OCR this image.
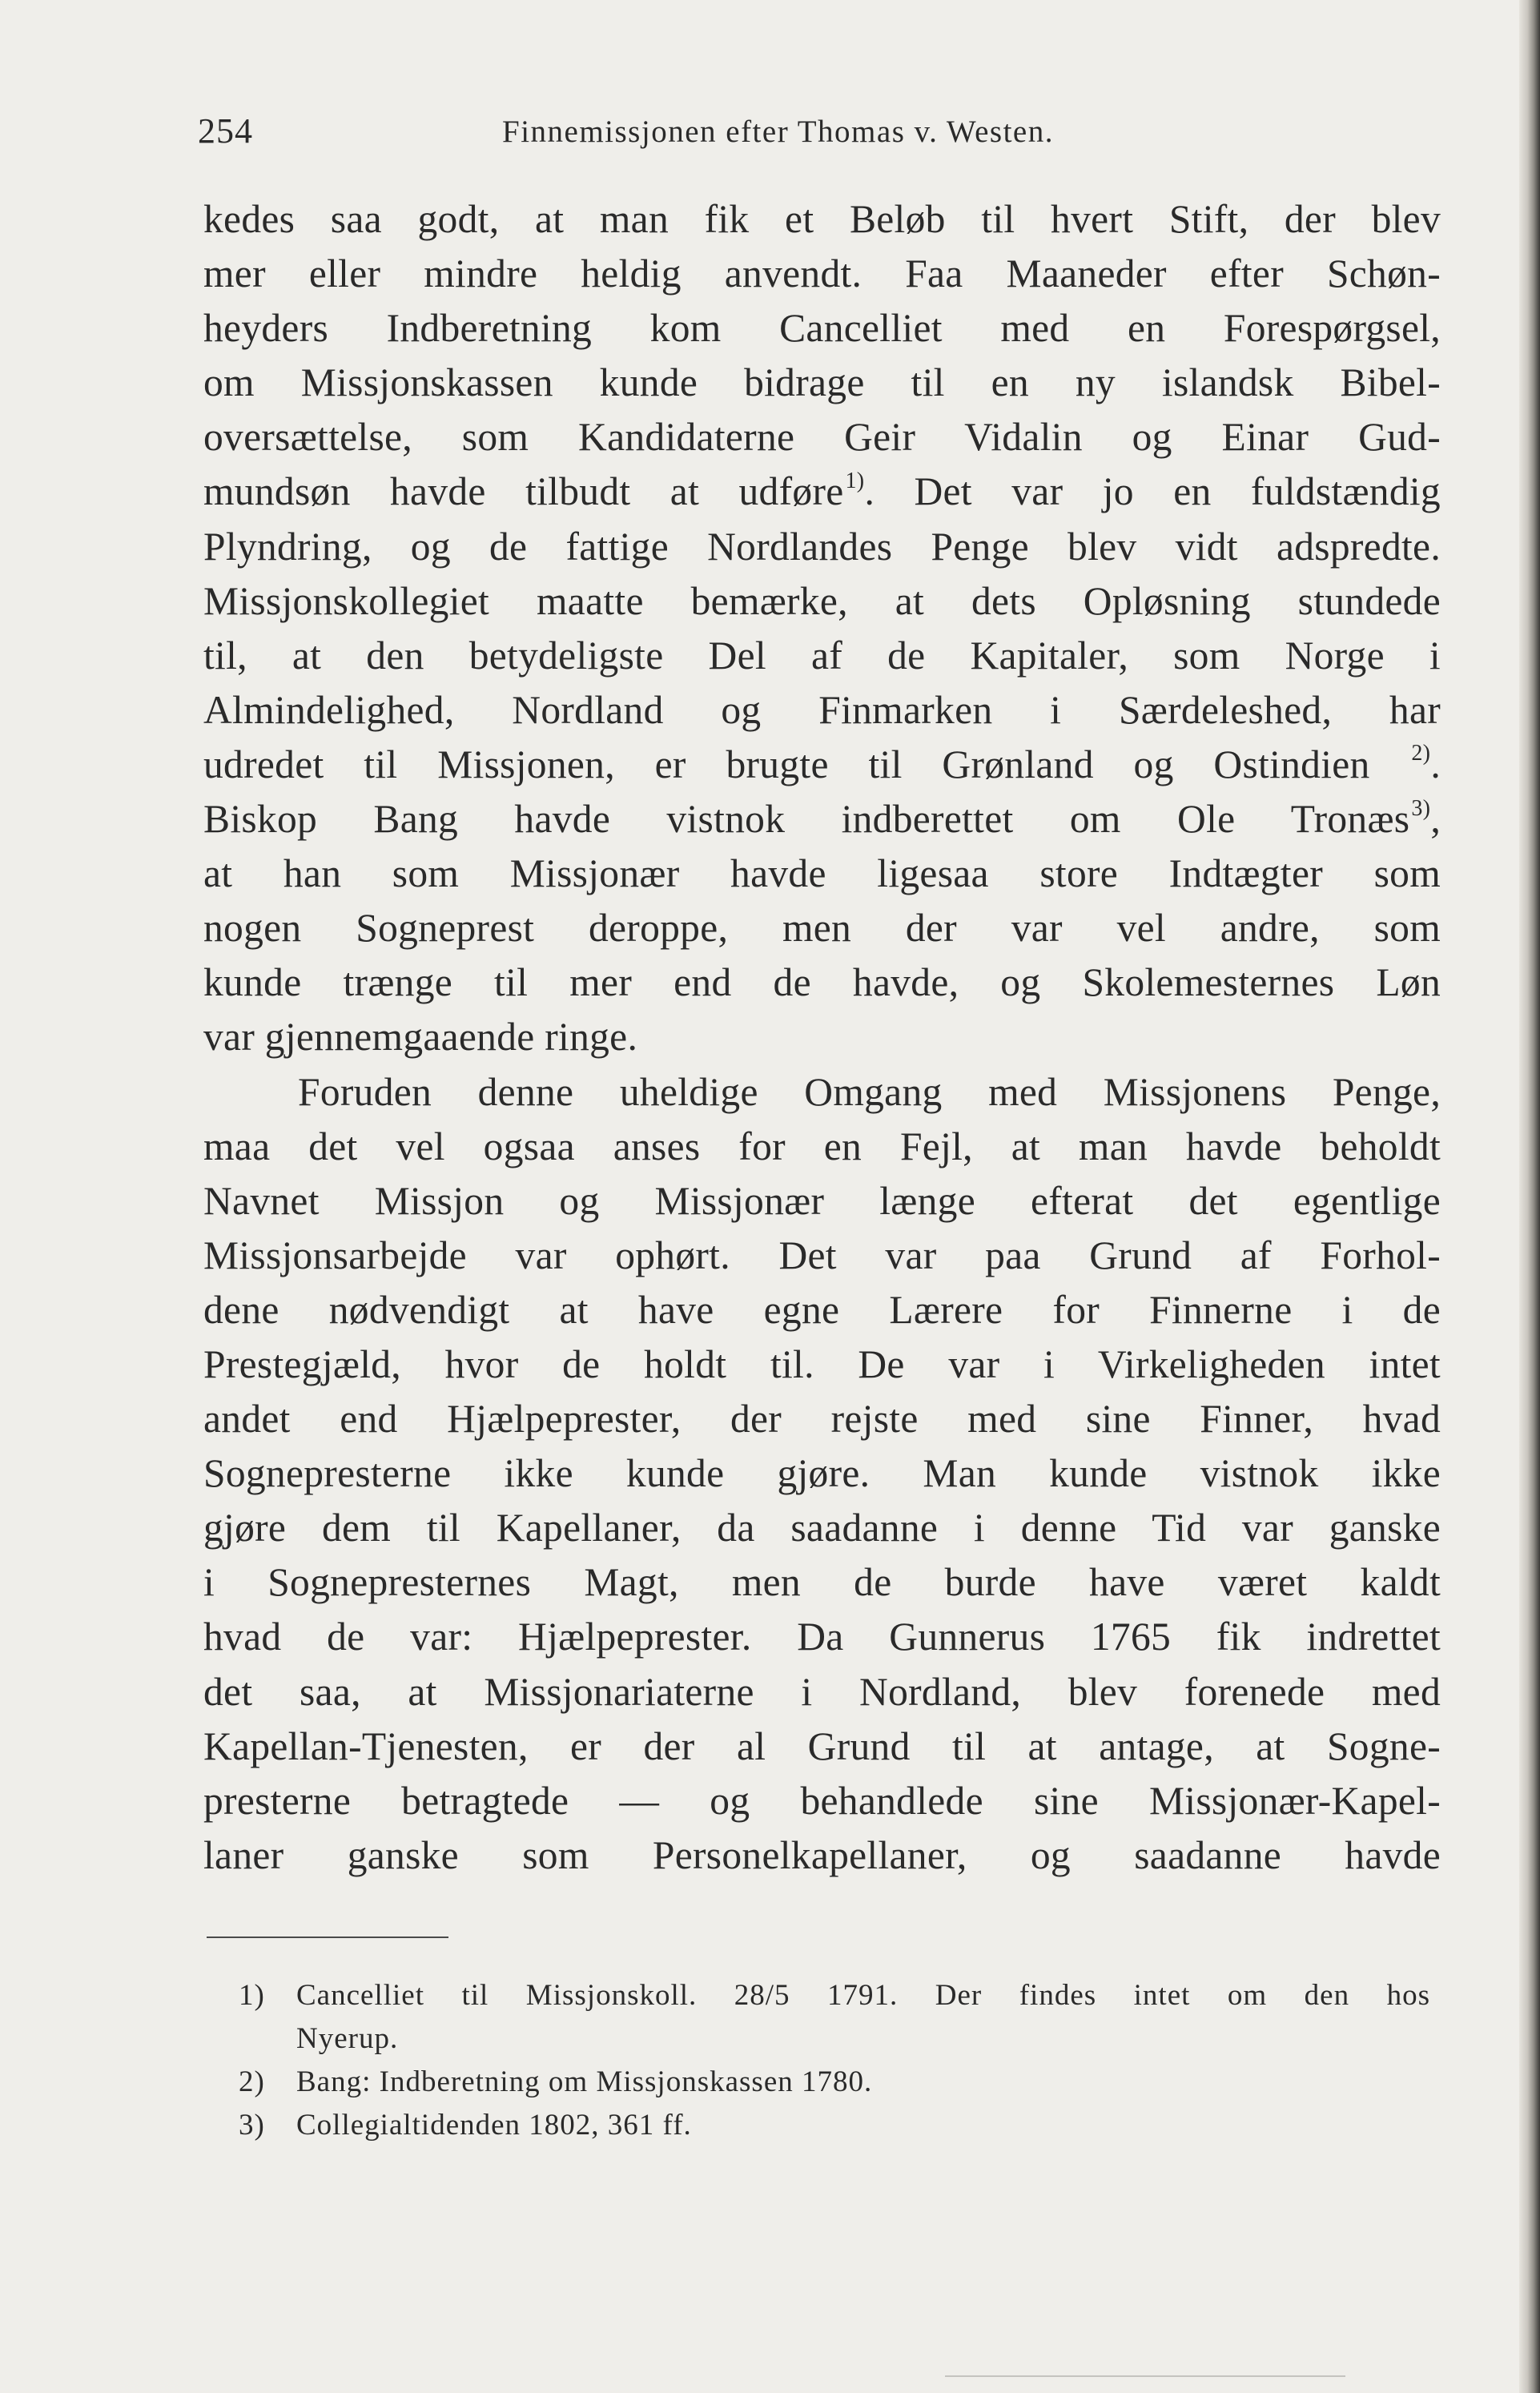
254	Finnemissjonen efter Thomas v. Westen.
kedes saa godt, at man fik et Beløb til hvert Stift, der blev
mer eller mindre heldig anvendt. Faa Maaneder efter Schøn-
heyders Indberetning kom Cancelliet med en Forespørgsel,
om Missjonskassen kunde bidrage til en ny islandsk Bibel-
oversættelse, som Kandidaterne Geir Vidalin og Einar Gud-
mundsøn havde tilbudt at udføre$^{1)}$. Det var jo en fuldstændig
Plyndring, og de fattige Nordlandes Penge blev vidt adspredte.
Missjonskollegiet maatte bemærke, at dets Opløsning stundede
til, at den betydeligste Del af de Kapitaler, som Norge i
Almindelighed, Nordland og Finmarken i Særdeleshed, har
udredet til Missjonen, er brugte til Grønland og Ostindien $^{2)}$.
Biskop Bang havde vistnok indberettet om Ole Tronæs$^{3)}$,
at han som Missjonær havde ligesaa store Indtægter som
nogen Sogneprest deroppe, men der var vel andre, som
kunde trænge til mer end de havde, og Skolemesternes Løn
var gjennemgaaende ringe.
Foruden denne uheldige Omgang med Missjonens Penge,
maa det vel ogsaa anses for en Fejl, at man havde beholdt
Navnet Missjon og Missjonær længe efterat det egentlige
Missjonsarbejde var ophørt. Det var paa Grund af Forhol-
dene nødvendigt at have egne Lærere for Finnerne i de
Prestegjæld, hvor de holdt til. De var i Virkeligheden intet
andet end Hjælpeprester, der rejste med sine Finner, hvad
Sognepresterne ikke kunde gjøre. Man kunde vistnok ikke
gjøre dem til Kapellaner, da saadanne i denne Tid var ganske
i Sognepresternes Magt, men de burde have været kaldt
hvad de var: Hjælpeprester. Da Gunnerus 1765 fik indrettet
det saa, at Missjonariaterne i Nordland, blev forenede med
Kapellan-Tjenesten, er der al Grund til at antage, at Sogne-
presterne betragtede — og behandlede sine Missjonær-Kapel-
laner ganske som Personelkapellaner, og saadanne havde
1) Cancelliet til Missjonskoll. 28/5 1791. Der findes intet om den hos
Nyerup.
2) Bang: Indberetning om Missjonskassen 1780.
3) Collegialtidenden 1802, 361 ff.
